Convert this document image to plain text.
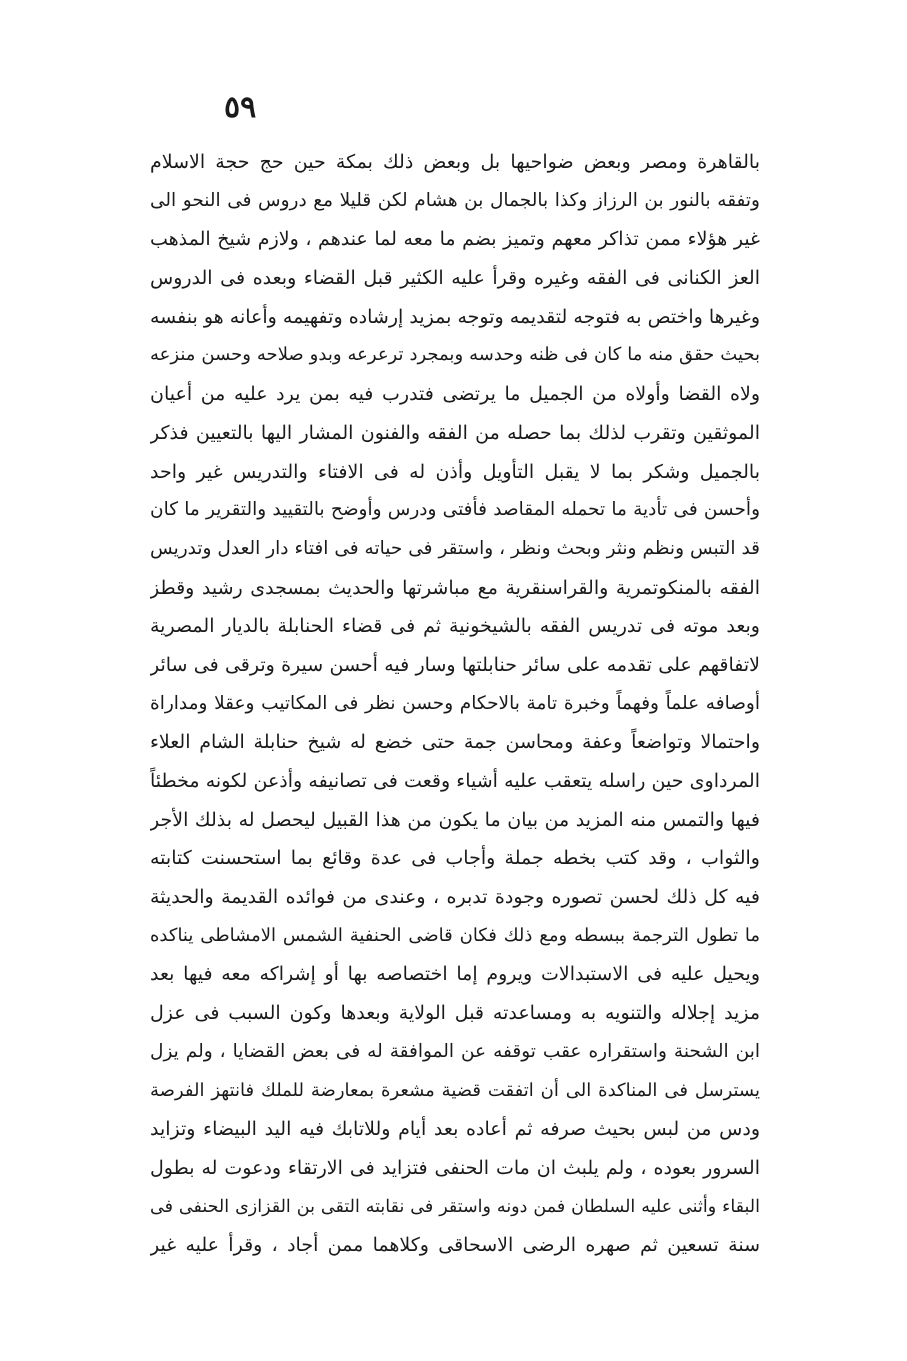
٥٩
بالقاهرة ومصر وبعض ضواحيها بل وبعض ذلك بمكة حين حج حجة الاسلام
وتفقه بالنور بن الرزاز وكذا بالجمال بن هشام لكن قليلا مع دروس فى النحو الى
غير هؤلاء ممن تذاكر معهم وتميز بضم ما معه لما عندهم ، ولازم شيخ المذهب
العز الكنانى فى الفقه وغيره وقرأ عليه الكثير قبل القضاء وبعده فى الدروس
وغيرها واختص به فتوجه لتقديمه وتوجه بمزيد إرشاده وتفهيمه وأعانه هو بنفسه
بحيث حقق منه ما كان فى ظنه وحدسه وبمجرد ترعرعه وبدو صلاحه وحسن منزعه
ولاه القضا وأولاه من الجميل ما يرتضى فتدرب فيه بمن يرد عليه من أعيان
الموثقين وتقرب لذلك بما حصله من الفقه والفنون المشار اليها بالتعيين فذكر
بالجميل وشكر بما لا يقبل التأويل وأذن له فى الافتاء والتدريس غير واحد
وأحسن فى تأدية ما تحمله المقاصد فأفتى ودرس وأوضح بالتقييد والتقرير ما كان
قد التبس ونظم ونثر وبحث ونظر ، واستقر فى حياته فى افتاء دار العدل وتدريس
الفقه بالمنكوتمرية والقراسنقرية مع مباشرتها والحديث بمسجدى رشيد وقطز
وبعد موته فى تدريس الفقه بالشيخونية ثم فى قضاء الحنابلة بالديار المصرية
لاتفاقهم على تقدمه على سائر حنابلتها وسار فيه أحسن سيرة وترقى فى سائر
أوصافه علماً وفهماً وخبرة تامة بالاحكام وحسن نظر فى المكاتيب وعقلا ومداراة
واحتمالا وتواضعاً وعفة ومحاسن جمة حتى خضع له شيخ حنابلة الشام العلاء
المرداوى حين راسله يتعقب عليه أشياء وقعت فى تصانيفه وأذعن لكونه مخطئاً
فيها والتمس منه المزيد من بيان ما يكون من هذا القبيل ليحصل له بذلك الأجر
والثواب ، وقد كتب بخطه جملة وأجاب فى عدة وقائع بما استحسنت كتابته
فيه كل ذلك لحسن تصوره وجودة تدبره ، وعندى من فوائده القديمة والحديثة
ما تطول الترجمة ببسطه ومع ذلك فكان قاضى الحنفية الشمس الامشاطى يناكده
ويحيل عليه فى الاستبدالات ويروم إما اختصاصه بها أو إشراكه معه فيها بعد
مزيد إجلاله والتنويه به ومساعدته قبل الولاية وبعدها وكون السبب فى عزل
ابن الشحنة واستقراره عقب توقفه عن الموافقة له فى بعض القضايا ، ولم يزل
يسترسل فى المناكدة الى أن اتفقت قضية مشعرة بمعارضة للملك فانتهز الفرصة
ودس من لبس بحيث صرفه ثم أعاده بعد أيام وللاتابك فيه اليد البيضاء وتزايد
السرور بعوده ، ولم يلبث ان مات الحنفى فتزايد فى الارتقاء ودعوت له بطول
البقاء وأثنى عليه السلطان فمن دونه واستقر فى نقابته التقى بن القزازى الحنفى فى
سنة تسعين ثم صهره الرضى الاسحاقى وكلاهما ممن أجاد ، وقرأ عليه غير
